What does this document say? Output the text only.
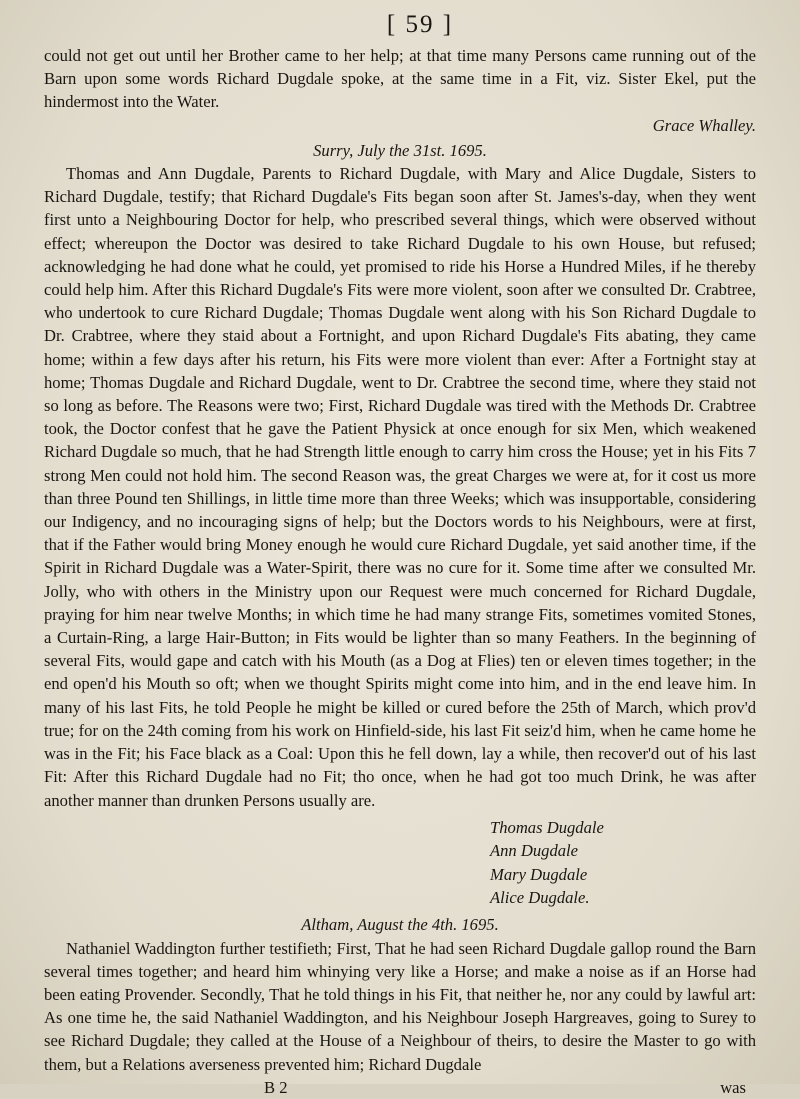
[ 59 ]

could not get out until her Brother came to her help; at that time many Persons came running out of the Barn upon some words Richard Dugdale spoke, at the same time in a Fit, viz. Sister Ekel, put the hindermost into the Water.

Grace Whalley.

Surry, July the 31st. 1695.

Thomas and Ann Dugdale, Parents to Richard Dugdale, with Mary and Alice Dugdale, Sisters to Richard Dugdale, testify; that Richard Dugdale's Fits began soon after St. James's-day, when they went first unto a Neighbouring Doctor for help, who prescribed several things, which were observed without effect; whereupon the Doctor was desired to take Richard Dugdale to his own House, but refused; acknowledging he had done what he could, yet promised to ride his Horse a Hundred Miles, if he thereby could help him. After this Richard Dugdale's Fits were more violent, soon after we consulted Dr. Crabtree, who undertook to cure Richard Dugdale; Thomas Dugdale went along with his Son Richard Dugdale to Dr. Crabtree, where they staid about a Fortnight, and upon Richard Dugdale's Fits abating, they came home; within a few days after his return, his Fits were more violent than ever: After a Fortnight stay at home; Thomas Dugdale and Richard Dugdale, went to Dr. Crabtree the second time, where they staid not so long as before. The Reasons were two; First, Richard Dugdale was tired with the Methods Dr. Crabtree took, the Doctor confest that he gave the Patient Physick at once enough for six Men, which weakened Richard Dugdale so much, that he had Strength little enough to carry him cross the House; yet in his Fits 7 strong Men could not hold him. The second Reason was, the great Charges we were at, for it cost us more than three Pound ten Shillings, in little time more than three Weeks; which was insupportable, considering our Indigency, and no incouraging signs of help; but the Doctors words to his Neighbours, were at first, that if the Father would bring Money enough he would cure Richard Dugdale, yet said another time, if the Spirit in Richard Dugdale was a Water-Spirit, there was no cure for it. Some time after we consulted Mr. Jolly, who with others in the Ministry upon our Request were much concerned for Richard Dugdale, praying for him near twelve Months; in which time he had many strange Fits, sometimes vomited Stones, a Curtain-Ring, a large Hair-Button; in Fits would be lighter than so many Feathers. In the beginning of several Fits, would gape and catch with his Mouth (as a Dog at Flies) ten or eleven times together; in the end open'd his Mouth so oft; when we thought Spirits might come into him, and in the end leave him. In many of his last Fits, he told People he might be killed or cured before the 25th of March, which prov'd true; for on the 24th coming from his work on Hinfield-side, his last Fit seiz'd him, when he came home he was in the Fit; his Face black as a Coal: Upon this he fell down, lay a while, then recover'd out of his last Fit: After this Richard Dugdale had no Fit; tho once, when he had got too much Drink, he was after another manner than drunken Persons usually are.

Thomas Dugdale
Ann Dugdale
Mary Dugdale
Alice Dugdale.

Altham, August the 4th. 1695.

Nathaniel Waddington further testifieth; First, That he had seen Richard Dugdale gallop round the Barn several times together; and heard him whinying very like a Horse; and make a noise as if an Horse had been eating Provender. Secondly, That he told things in his Fit, that neither he, nor any could by lawful art: As one time he, the said Nathaniel Waddington, and his Neighbour Joseph Hargreaves, going to Surey to see Richard Dugdale; they called at the House of a Neighbour of theirs, to desire the Master to go with them, but a Relations averseness prevented him; Richard Dugdale

B 2	was
